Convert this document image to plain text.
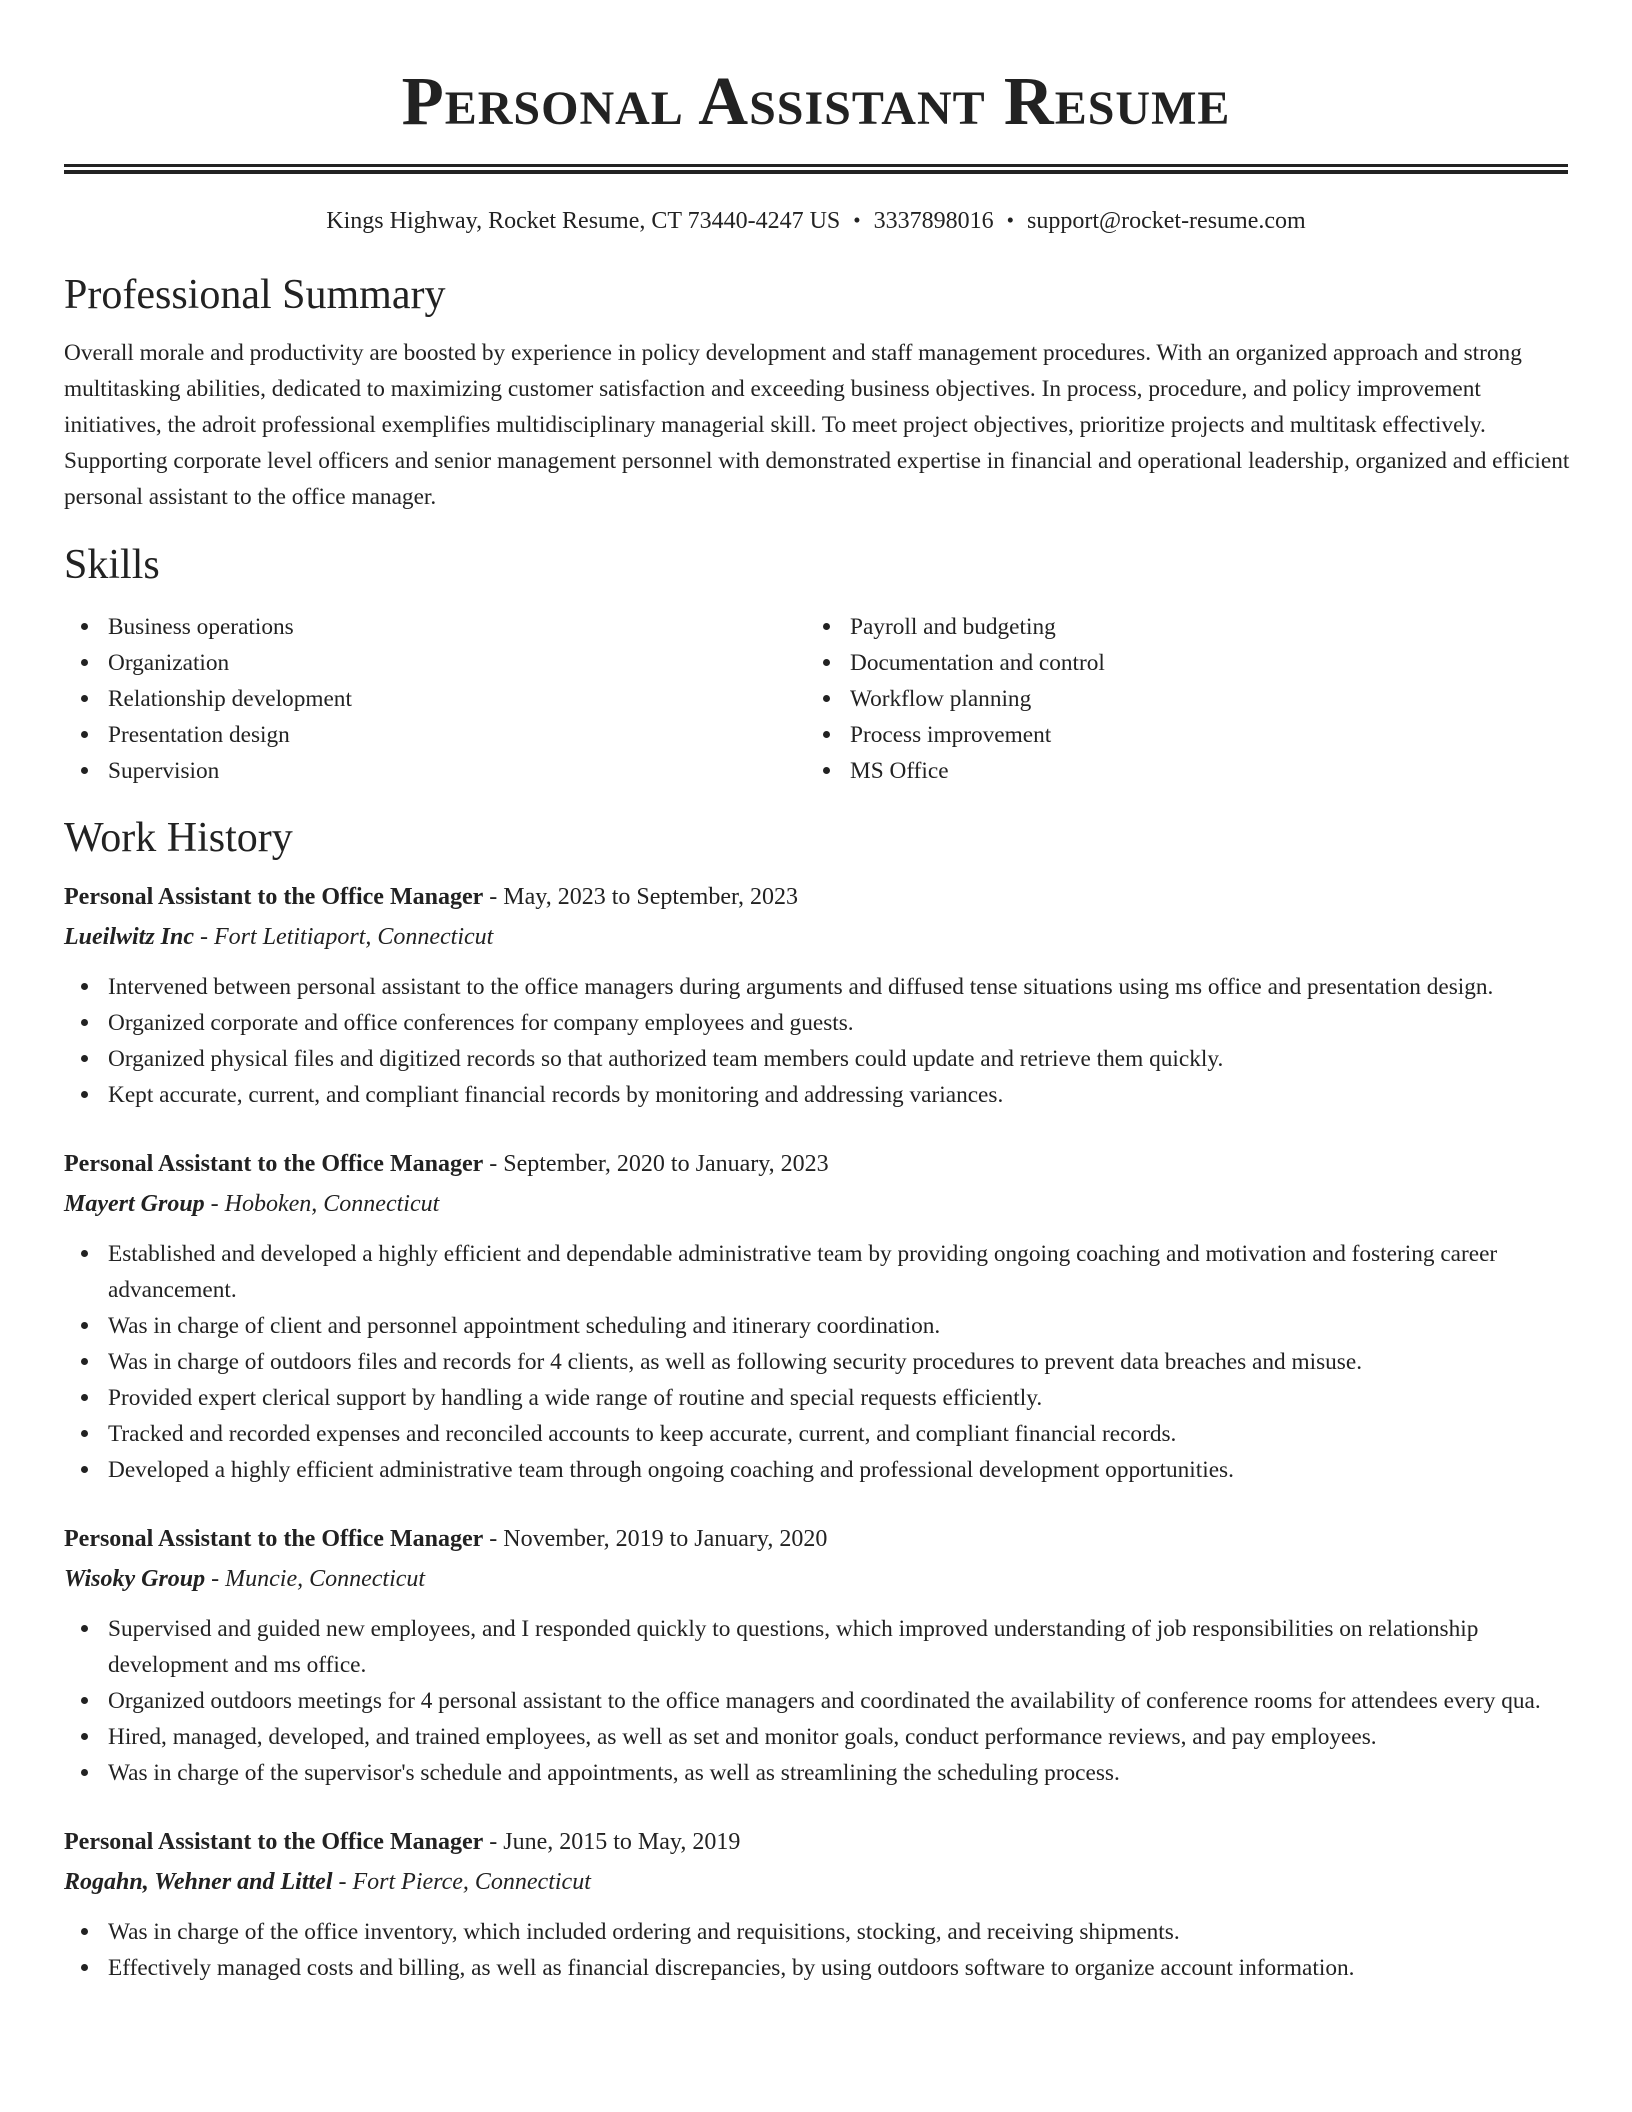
Personal Assistant Resume
Kings Highway, Rocket Resume, CT 73440-4247 US • 3337898016 • support@rocket-resume.com
Professional Summary

Overall morale and productivity are boosted by experience in policy development and staff management procedures. With an organized approach and strong multitasking abilities, dedicated to maximizing customer satisfaction and exceeding business objectives. In process, procedure, and policy improvement initiatives, the adroit professional exemplifies multidisciplinary managerial skill. To meet project objectives, prioritize projects and multitask effectively. Supporting corporate level officers and senior management personnel with demonstrated expertise in financial and operational leadership, organized and efficient personal assistant to the office manager.

Skills
Business operations
Organization
Relationship development
Presentation design
Supervision
Payroll and budgeting
Documentation and control
Workflow planning
Process improvement
MS Office
Work History
Personal Assistant to the Office Manager - May, 2023 to September, 2023
Lueilwitz Inc - Fort Letitiaport, Connecticut
Intervened between personal assistant to the office managers during arguments and diffused tense situations using ms office and presentation design.
Organized corporate and office conferences for company employees and guests.
Organized physical files and digitized records so that authorized team members could update and retrieve them quickly.
Kept accurate, current, and compliant financial records by monitoring and addressing variances.
Personal Assistant to the Office Manager - September, 2020 to January, 2023
Mayert Group - Hoboken, Connecticut
Established and developed a highly efficient and dependable administrative team by providing ongoing coaching and motivation and fostering career advancement.
Was in charge of client and personnel appointment scheduling and itinerary coordination.
Was in charge of outdoors files and records for 4 clients, as well as following security procedures to prevent data breaches and misuse.
Provided expert clerical support by handling a wide range of routine and special requests efficiently.
Tracked and recorded expenses and reconciled accounts to keep accurate, current, and compliant financial records.
Developed a highly efficient administrative team through ongoing coaching and professional development opportunities.
Personal Assistant to the Office Manager - November, 2019 to January, 2020
Wisoky Group - Muncie, Connecticut
Supervised and guided new employees, and I responded quickly to questions, which improved understanding of job responsibilities on relationship development and ms office.
Organized outdoors meetings for 4 personal assistant to the office managers and coordinated the availability of conference rooms for attendees every qua.
Hired, managed, developed, and trained employees, as well as set and monitor goals, conduct performance reviews, and pay employees.
Was in charge of the supervisor's schedule and appointments, as well as streamlining the scheduling process.
Personal Assistant to the Office Manager - June, 2015 to May, 2019
Rogahn, Wehner and Littel - Fort Pierce, Connecticut
Was in charge of the office inventory, which included ordering and requisitions, stocking, and receiving shipments.
Effectively managed costs and billing, as well as financial discrepancies, by using outdoors software to organize account information.
